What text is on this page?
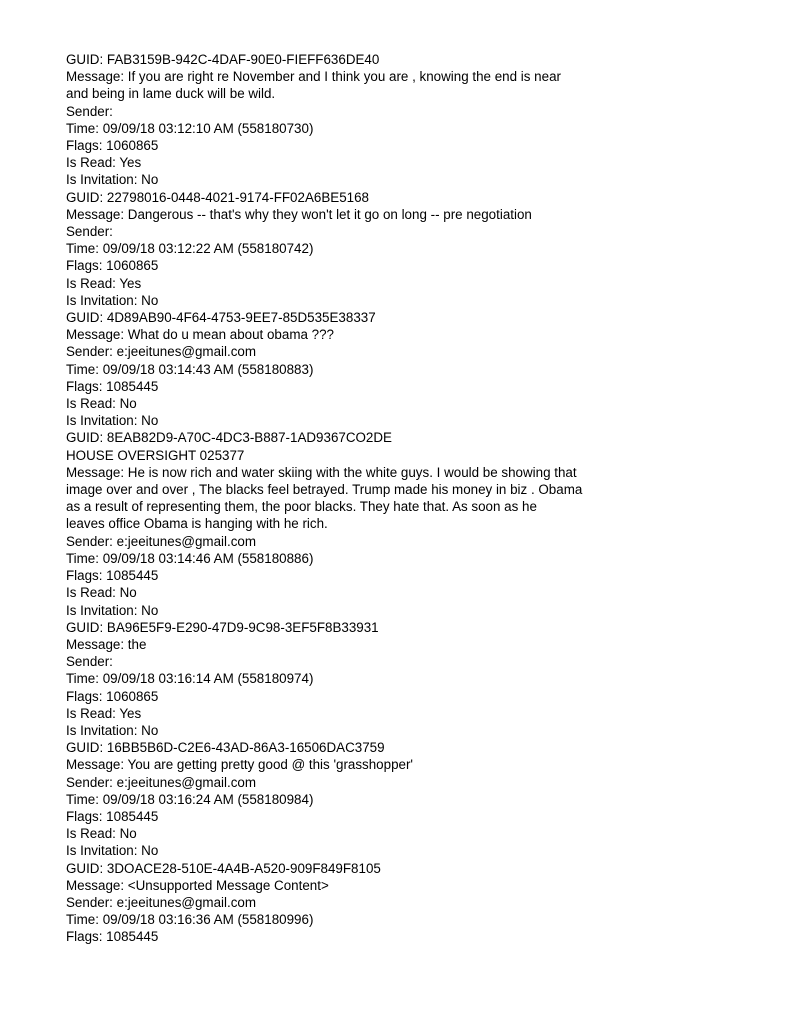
GUID: FAB3159B-942C-4DAF-90E0-FIEFF636DE40
Message: If you are right re November and I think you are , knowing the end is near
and being in lame duck will be wild.
Sender:
Time: 09/09/18 03:12:10 AM (558180730)
Flags: 1060865
Is Read: Yes
Is Invitation: No
GUID: 22798016-0448-4021-9174-FF02A6BE5168
Message: Dangerous -- that's why they won't let it go on long -- pre negotiation
Sender:
Time: 09/09/18 03:12:22 AM (558180742)
Flags: 1060865
Is Read: Yes
Is Invitation: No
GUID: 4D89AB90-4F64-4753-9EE7-85D535E38337
Message: What do u mean about obama ???
Sender: e:jeeitunes@gmail.com
Time: 09/09/18 03:14:43 AM (558180883)
Flags: 1085445
Is Read: No
Is Invitation: No
GUID: 8EAB82D9-A70C-4DC3-B887-1AD9367CO2DE
HOUSE OVERSIGHT 025377
Message: He is now rich and water skiing with the white guys. I would be showing that
image over and over , The blacks feel betrayed. Trump made his money in biz . Obama
as a result of representing them, the poor blacks. They hate that. As soon as he
leaves office Obama is hanging with he rich.
Sender: e:jeeitunes@gmail.com
Time: 09/09/18 03:14:46 AM (558180886)
Flags: 1085445
Is Read: No
Is Invitation: No
GUID: BA96E5F9-E290-47D9-9C98-3EF5F8B33931
Message: the
Sender:
Time: 09/09/18 03:16:14 AM (558180974)
Flags: 1060865
Is Read: Yes
Is Invitation: No
GUID: 16BB5B6D-C2E6-43AD-86A3-16506DAC3759
Message: You are getting pretty good @ this 'grasshopper'
Sender: e:jeeitunes@gmail.com
Time: 09/09/18 03:16:24 AM (558180984)
Flags: 1085445
Is Read: No
Is Invitation: No
GUID: 3DOACE28-510E-4A4B-A520-909F849F8105
Message: <Unsupported Message Content>
Sender: e:jeeitunes@gmail.com
Time: 09/09/18 03:16:36 AM (558180996)
Flags: 1085445
